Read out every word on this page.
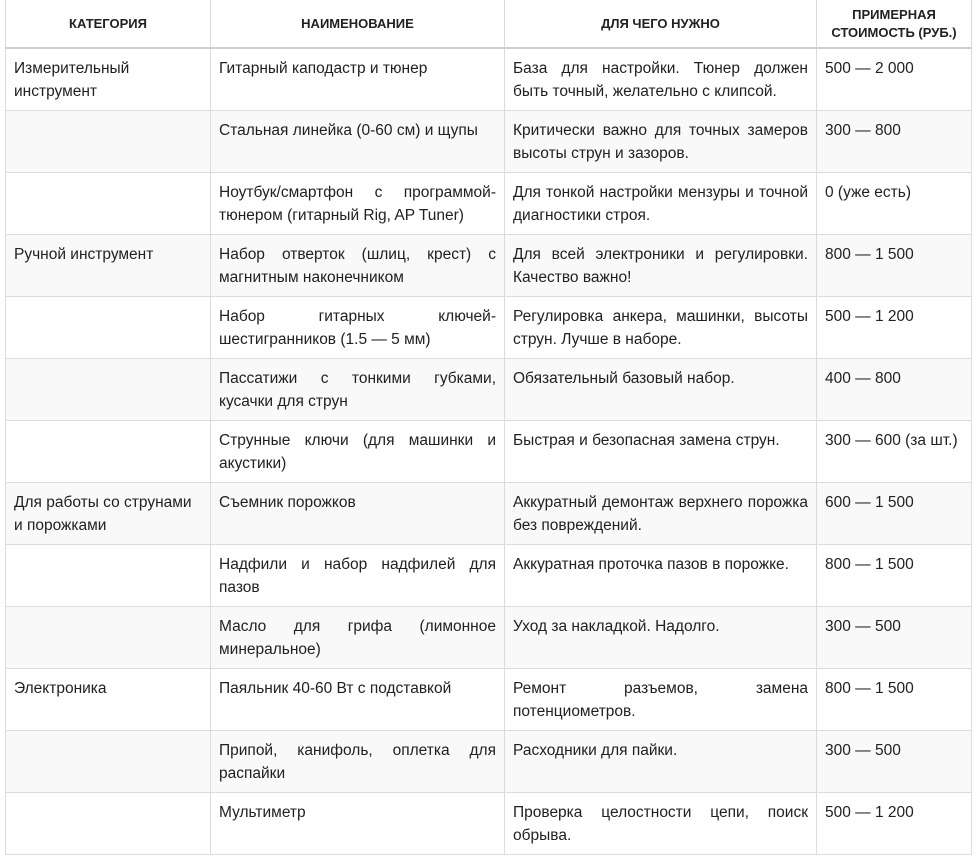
КАТЕГОРИЯ	НАИМЕНОВАНИЕ	ДЛЯ ЧЕГО НУЖНО	ПРИМЕРНАЯ СТОИМОСТЬ (РУБ.)
Измерительный инструмент	Гитарный каподастр и тюнер	База для настройки. Тюнер должен быть точный, желательно с клипсой.	500 — 2 000
	Стальная линейка (0-60 см) и щупы	Критически важно для точных замеров высоты струн и зазоров.	300 — 800
	Ноутбук/смартфон с программой-тюнером (гитарный Rig, AP Tuner)	Для тонкой настройки мензуры и точной диагностики строя.	0 (уже есть)
Ручной инструмент	Набор отверток (шлиц, крест) с магнитным наконечником	Для всей электроники и регулировки. Качество важно!	800 — 1 500
	Набор гитарных ключей-шестигранников (1.5 — 5 мм)	Регулировка анкера, машинки, высоты струн. Лучше в наборе.	500 — 1 200
	Пассатижи с тонкими губками, кусачки для струн	Обязательный базовый набор.	400 — 800
	Струнные ключи (для машинки и акустики)	Быстрая и безопасная замена струн.	300 — 600 (за шт.)
Для работы со струнами и порожками	Съемник порожков	Аккуратный демонтаж верхнего порожка без повреждений.	600 — 1 500
	Надфили и набор надфилей для пазов	Аккуратная проточка пазов в порожке.	800 — 1 500
	Масло для грифа (лимонное минеральное)	Уход за накладкой. Надолго.	300 — 500
Электроника	Паяльник 40-60 Вт с подставкой	Ремонт разъемов, замена потенциометров.	800 — 1 500
	Припой, канифоль, оплетка для распайки	Расходники для пайки.	300 — 500
	Мультиметр	Проверка целостности цепи, поиск обрыва.	500 — 1 200
